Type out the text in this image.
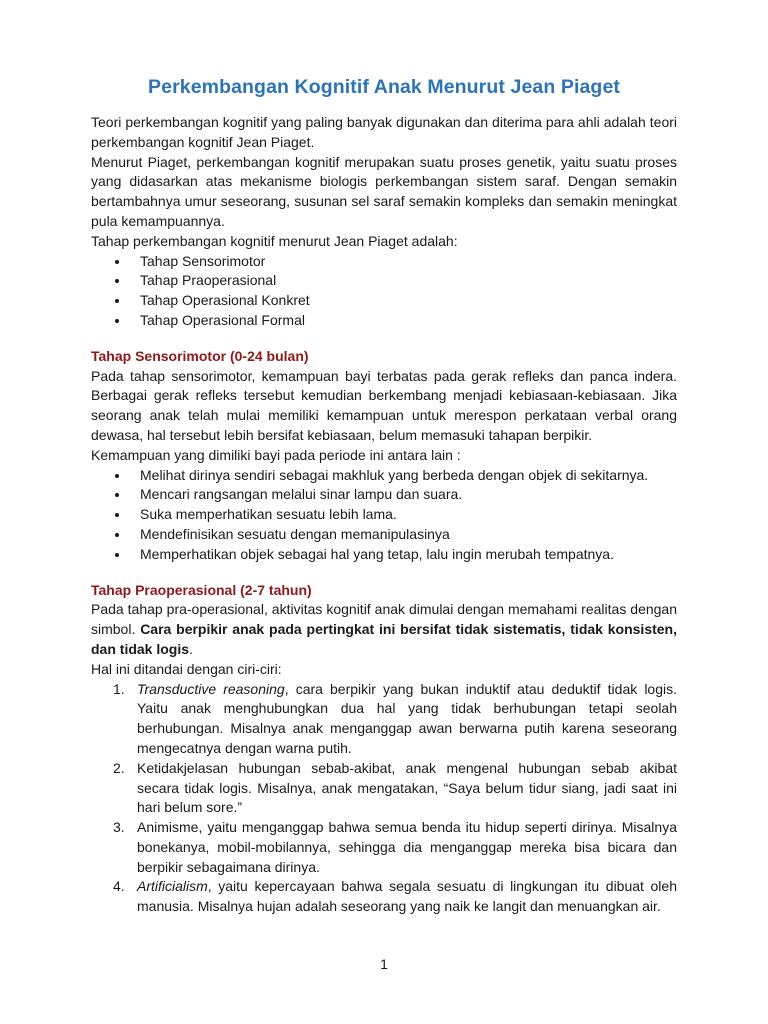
Perkembangan Kognitif Anak Menurut Jean Piaget

Teori perkembangan kognitif yang paling banyak digunakan dan diterima para ahli adalah teori perkembangan kognitif Jean Piaget.

Menurut Piaget, perkembangan kognitif merupakan suatu proses genetik, yaitu suatu proses yang didasarkan atas mekanisme biologis perkembangan sistem saraf. Dengan semakin bertambahnya umur seseorang, susunan sel saraf semakin kompleks dan semakin meningkat pula kemampuannya.

Tahap perkembangan kognitif menurut Jean Piaget adalah:

Tahap Sensorimotor
Tahap Praoperasional
Tahap Operasional Konkret
Tahap Operasional Formal
Tahap Sensorimotor (0-24 bulan)

Pada tahap sensorimotor, kemampuan bayi terbatas pada gerak refleks dan panca indera. Berbagai gerak refleks tersebut kemudian berkembang menjadi kebiasaan-kebiasaan. Jika seorang anak telah mulai memiliki kemampuan untuk merespon perkataan verbal orang dewasa, hal tersebut lebih bersifat kebiasaan, belum memasuki tahapan berpikir.

Kemampuan yang dimiliki bayi pada periode ini antara lain :

Melihat dirinya sendiri sebagai makhluk yang berbeda dengan objek di sekitarnya.
Mencari rangsangan melalui sinar lampu dan suara.
Suka memperhatikan sesuatu lebih lama.
Mendefinisikan sesuatu dengan memanipulasinya
Memperhatikan objek sebagai hal yang tetap, lalu ingin merubah tempatnya.
Tahap Praoperasional (2-7 tahun)

Pada tahap pra-operasional, aktivitas kognitif anak dimulai dengan memahami realitas dengan simbol. Cara berpikir anak pada pertingkat ini bersifat tidak sistematis, tidak konsisten, dan tidak logis.

Hal ini ditandai dengan ciri-ciri:

1. Transductive reasoning, cara berpikir yang bukan induktif atau deduktif tidak logis. Yaitu anak menghubungkan dua hal yang tidak berhubungan tetapi seolah berhubungan. Misalnya anak menganggap awan berwarna putih karena seseorang mengecatnya dengan warna putih.
2. Ketidakjelasan hubungan sebab-akibat, anak mengenal hubungan sebab akibat secara tidak logis. Misalnya, anak mengatakan, “Saya belum tidur siang, jadi saat ini hari belum sore.”
3. Animisme, yaitu menganggap bahwa semua benda itu hidup seperti dirinya. Misalnya bonekanya, mobil-mobilannya, sehingga dia menganggap mereka bisa bicara dan berpikir sebagaimana dirinya.
4. Artificialism, yaitu kepercayaan bahwa segala sesuatu di lingkungan itu dibuat oleh manusia. Misalnya hujan adalah seseorang yang naik ke langit dan menuangkan air.
1
